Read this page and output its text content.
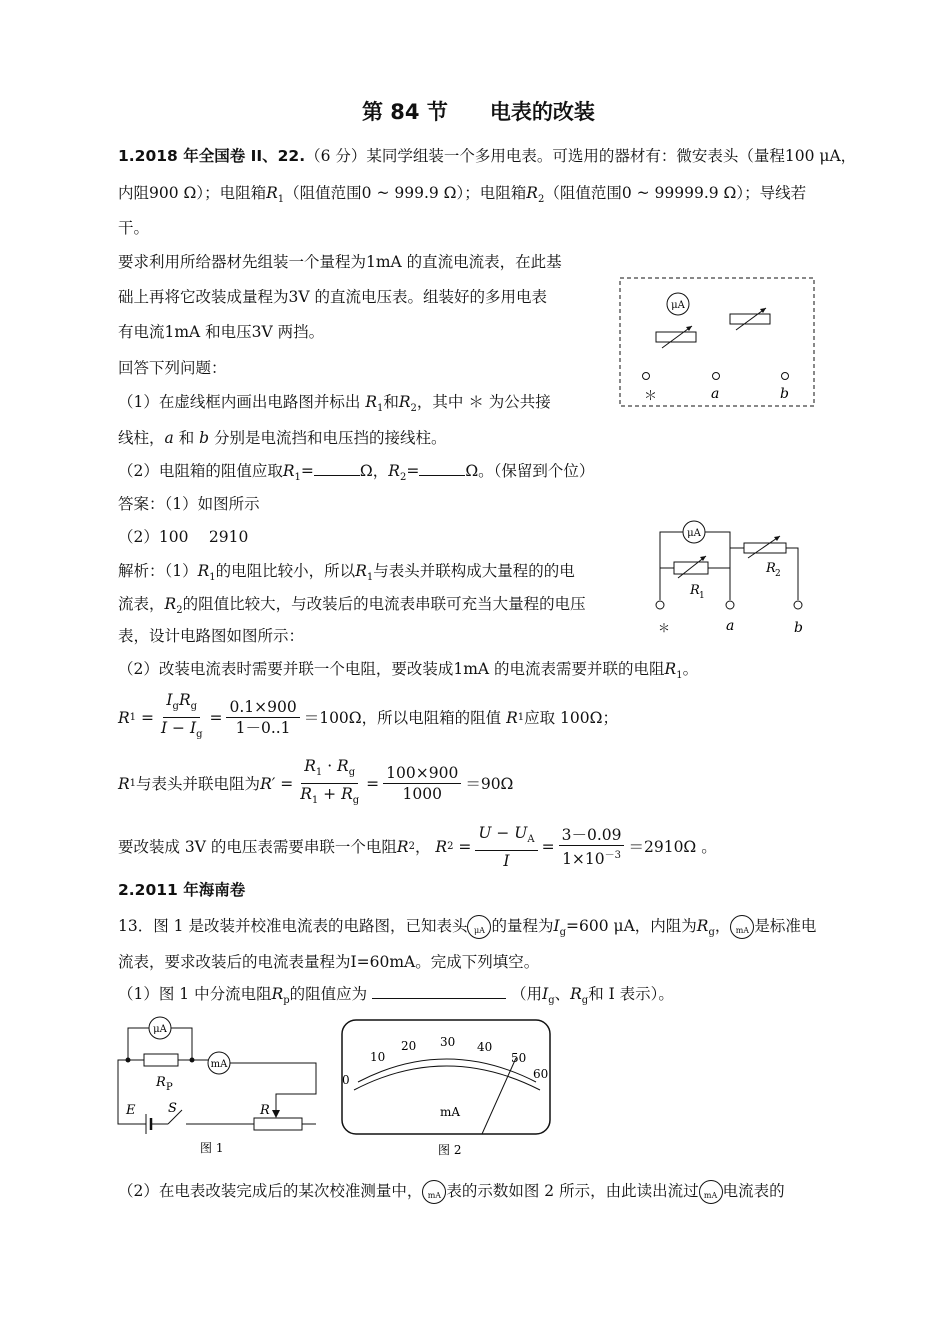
第 84 节　　电表的改装
1.2018 年全国卷 II、22.（6 分）某同学组装一个多用电表。可选用的器材有：微安表头（量程100 μA，
内阻900 Ω）；电阻箱$R_1$（阻值范围0 ~ 999.9 Ω）；电阻箱$R_2$（阻值范围0 ~ 99999.9 Ω）；导线若
干。
要求利用所给器材先组装一个量程为1mA 的直流电流表，在此基
础上再将它改装成量程为3V 的直流电压表。组装好的多用电表
有电流1mA 和电压3V 两挡。
回答下列问题：
（1）在虚线框内画出电路图并标出 $R_1$和$R_2$，其中 ＊ 为公共接
线柱，a 和 b 分别是电流挡和电压挡的接线柱。
（2）电阻箱的阻值应取$R_1=$	Ω，$R_2=$	Ω。（保留到个位）
答案：（1）如图所示
（2）100　 2910
解析：$(1)R_1$的电阻比较小，所以$R_1$与表头并联构成大量程的的电
流表，$R_2$的阻值比较大，与改装后的电流表串联可充当大量程的电压
表，设计电路图如图所示：
（2）改装电流表时需要并联一个电阻，要改装成1mA 的电流表需要并联的电阻$R_1$。
R $1 = \frac{I_gR_g}{I - I_g} = \frac{0.1\times 900}{1-0..1} =100\Omega$，所以电阻箱的阻值 R 1 应取 100Ω；
R 1 与表头并联电阻为 $R' = \frac{R_1 \cdot R_g}{R_1 + R_g} = \frac{100\times 900}{1000} =90\Omega$
要改装成 3V 的电压表需要串联一个电阻 R 2 ， R $2 = \frac{U - U_A}{I} = \frac{3-0.09}{1\times 10^{-3}} =2910\Omega$ 。
μA
＊	a	b
μA
R 1
R 2
＊	a	b
2.2011 年海南卷
13．图 1 是改装并校准电流表的电路图，已知表头 μA 的量程为$I_g=600$ μA，内阻为$R_g$， mA 是标准电
流表，要求改装后的电流表量程为I=60mA。完成下列填空。
（1）图 1 中分流电阻$R_p$的阻值应为	（用$I_g$、$R_g$和 I 表示）。
μA
R P
mA
E	S	R
图 1
0
10
20 30 40
50
60
mA
图 2
（2）在电表改装完成后的某次校准测量中， mA 表的示数如图 2 所示，由此读出流过 mA 电流表的
